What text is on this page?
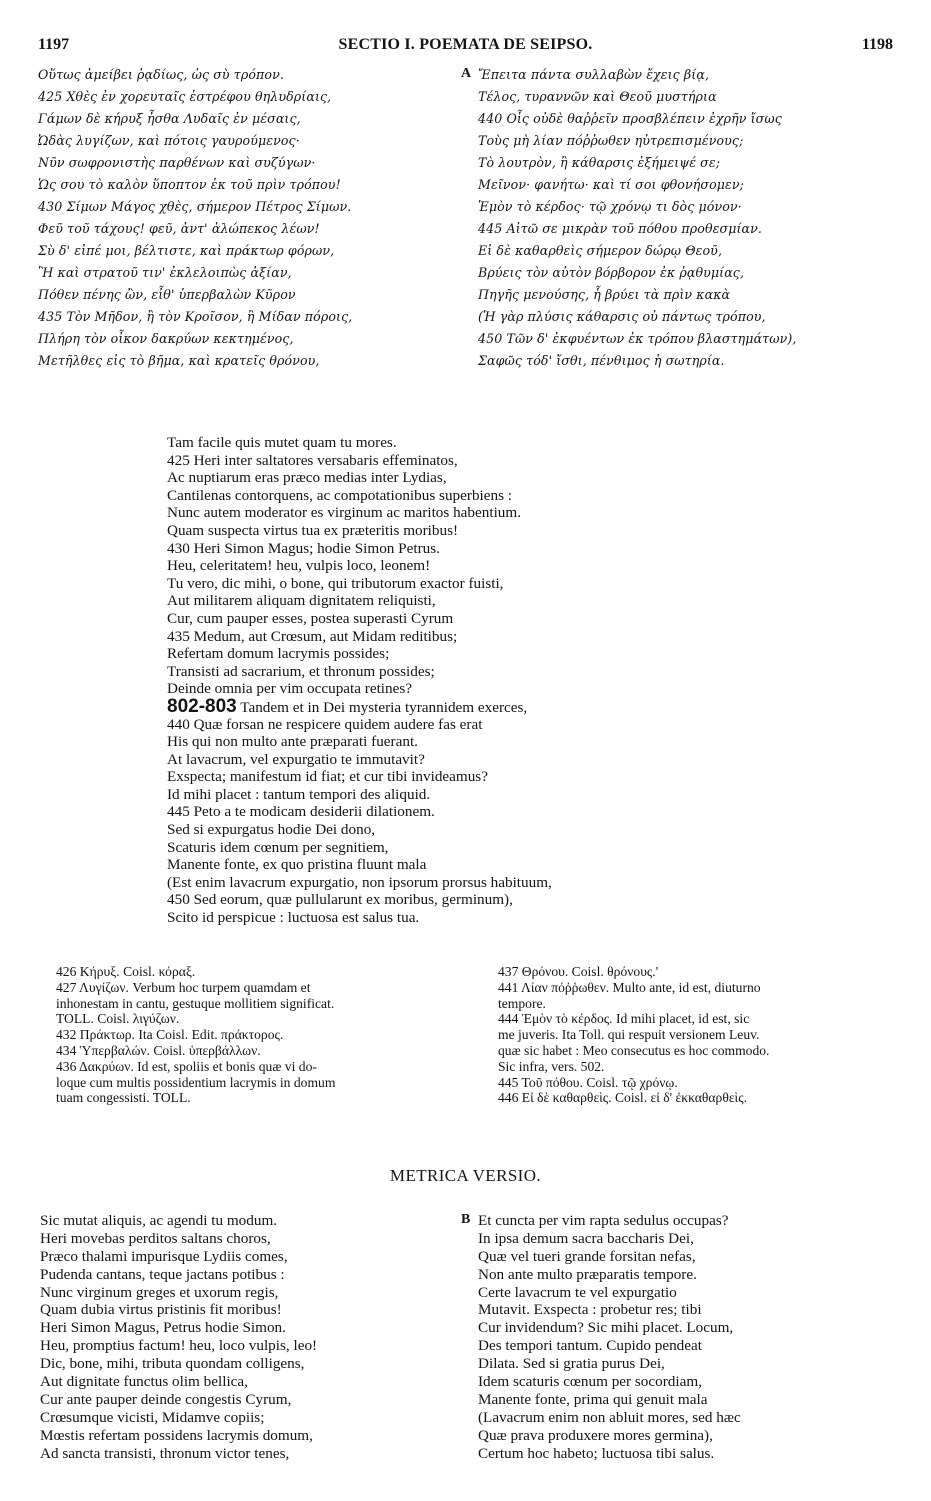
1197	SECTIO I. POEMATA DE SEIPSO.	1198
Οὕτως ἀμείβει ῥᾳδίως, ὡς σὺ τρόπον.
425 Χθὲς ἐν χορευταῖς ἐστρέφου θηλυδρίαις,
Γάμων δὲ κήρυξ ἦσθα Λυδαῖς ἐν μέσαις,
Ὠδὰς λυγίζων, καὶ πότοις γαυρούμενος·
Νῦν σωφρονιστὴς παρθένων καὶ συζύγων·
Ὡς σου τὸ καλὸν ὕποπτον ἐκ τοῦ πρὶν τρόπου!
430 Σίμων Μάγος χθὲς, σήμερον Πέτρος Σίμων.
Φεῦ τοῦ τάχους! φεῦ, ἀντ' ἀλώπεκος λέων!
Σὺ δ' εἰπέ μοι, βέλτιστε, καὶ πράκτωρ φόρων,
Ἢ καὶ στρατοῦ τιν' ἐκλελοιπὼς ἀξίαν,
Πόθεν πένης ὢν, εἶθ' ὑπερβαλὼν Κῦρον
435 Τὸν Μῆδον, ἢ τὸν Κροῖσον, ἢ Μίδαν πόροις,
Πλήρη τὸν οἶκον δακρύων κεκτημένος,
Μετῆλθες εἰς τὸ βῆμα, καὶ κρατεῖς θρόνου,
A Ἔπειτα πάντα συλλαβὼν ἔχεις βίᾳ,
Τέλος, τυραννῶν καὶ Θεοῦ μυστήρια
440 Οἷς οὐδὲ θαῤῥεῖν προσβλέπειν ἐχρῆν ἴσως
Τοὺς μὴ λίαν πόῤῥωθεν ηὐτρεπισμένους;
Τὸ λουτρὸν, ἢ κάθαρσις ἐξήμειψέ σε;
Μεῖνον· φανήτω· καὶ τί σοι φθονήσομεν;
Ἐμὸν τὸ κέρδος· τῷ χρόνῳ τι δὸς μόνον·
445 Αἰτῶ σε μικρὰν τοῦ πόθου προθεσμίαν.
Εἰ δὲ καθαρθεὶς σήμερον δώρῳ Θεοῦ,
Βρύεις τὸν αὐτὸν βόρβορον ἐκ ῥᾳθυμίας,
Πηγῆς μενούσης, ἧ βρύει τὰ πρὶν κακὰ
(Ἡ γὰρ πλύσις κάθαρσις οὐ πάντως τρόπου,
450 Τῶν δ' ἐκφυέντων ἐκ τρόπου βλαστημάτων),
Σαφῶς τόδ' ἴσθι, πένθιμος ἡ σωτηρία.
Tam facile quis mutet quam tu mores.
425 Heri inter saltatores versabaris effeminatos,
Ac nuptiarum eras præco medias inter Lydias,
Cantilenas contorquens, ac compotationibus superbiens :
Nunc autem moderator es virginum ac maritos habentium.
Quam suspecta virtus tua ex præteritis moribus!
430 Heri Simon Magus; hodie Simon Petrus.
Heu, celeritatem! heu, vulpis loco, leonem!
Tu vero, dic mihi, o bone, qui tributorum exactor fuisti,
Aut militarem aliquam dignitatem reliquisti,
Cur, cum pauper esses, postea superasti Cyrum
435 Medum, aut Crœsum, aut Midam reditibus;
Refertam domum lacrymis possides;
Transisti ad sacrarium, et thronum possides;
Deinde omnia per vim occupata retines?
802-803 Tandem et in Dei mysteria tyrannidem exerces,
440 Quæ forsan ne respicere quidem audere fas erat
His qui non multo ante præparati fuerant.
At lavacrum, vel expurgatio te immutavit?
Exspecta; manifestum id fiat; et cur tibi invideamus?
Id mihi placet : tantum tempori des aliquid.
445 Peto a te modicam desiderii dilationem.
Sed si expurgatus hodie Dei dono,
Scaturis idem cœnum per segnitiem,
Manente fonte, ex quo pristina fluunt mala
(Est enim lavacrum expurgatio, non ipsorum prorsus habituum,
450 Sed eorum, quæ pullularunt ex moribus, germinum),
Scito id perspicue : luctuosa est salus tua.
426 Κήρυξ. Coisl. κόραξ.
427 Λυγίζων. Verbum hoc turpem quamdam et
inhonestam in cantu, gestuque mollitiem significat.
TOLL. Coisl. λιγύζων.
432 Πράκτωρ. Ita Coisl. Edit. πράκτορος.
434 Ὑπερβαλών. Coisl. ὑπερβάλλων.
436 Δακρύων. Id est, spoliis et bonis quæ vi do-
loque cum multis possidentium lacrymis in domum
tuam congessisti. TOLL.
437 Θρόνου. Coisl. θρόνους.'
441 Λίαν πόῤῥωθεν. Multo ante, id est, diuturno
tempore.
444 Ἐμὸν τὸ κέρδος. Id mihi placet, id est, sic
me juveris. Ita Toll. qui respuit versionem Leuv.
quæ sic habet : Meo consecutus es hoc commodo.
Sic infra, vers. 502.
445 Τοῦ πόθου. Coisl. τῷ χρόνῳ.
446 Εἰ δὲ καθαρθεὶς. Coisl. εἰ δ' ἐκκαθαρθεὶς.
METRICA VERSIO.
Sic mutat aliquis, ac agendi tu modum.
Heri movebas perditos saltans choros,
Præco thalami impurisque Lydiis comes,
Pudenda cantans, teque jactans potibus :
Nunc virginum greges et uxorum regis,
Quam dubia virtus pristinis fit moribus!
Heri Simon Magus, Petrus hodie Simon.
Heu, promptius factum! heu, loco vulpis, leo!
Dic, bone, mihi, tributa quondam colligens,
Aut dignitate functus olim bellica,
Cur ante pauper deinde congestis Cyrum,
Crœsumque vicisti, Midamve copiis;
Mœstis refertam possidens lacrymis domum,
Ad sancta transisti, thronum victor tenes,
B Et cuncta per vim rapta sedulus occupas?
In ipsa demum sacra baccharis Dei,
Quæ vel tueri grande forsitan nefas,
Non ante multo præparatis tempore.
Certe lavacrum te vel expurgatio
Mutavit. Exspecta : probetur res; tibi
Cur invidendum? Sic mihi placet. Locum,
Des tempori tantum. Cupido pendeat
Dilata. Sed si gratia purus Dei,
Idem scaturis cœnum per socordiam,
Manente fonte, prima qui genuit mala
(Lavacrum enim non abluit mores, sed hæc
Quæ prava produxere mores germina),
Certum hoc habeto; luctuosa tibi salus.
